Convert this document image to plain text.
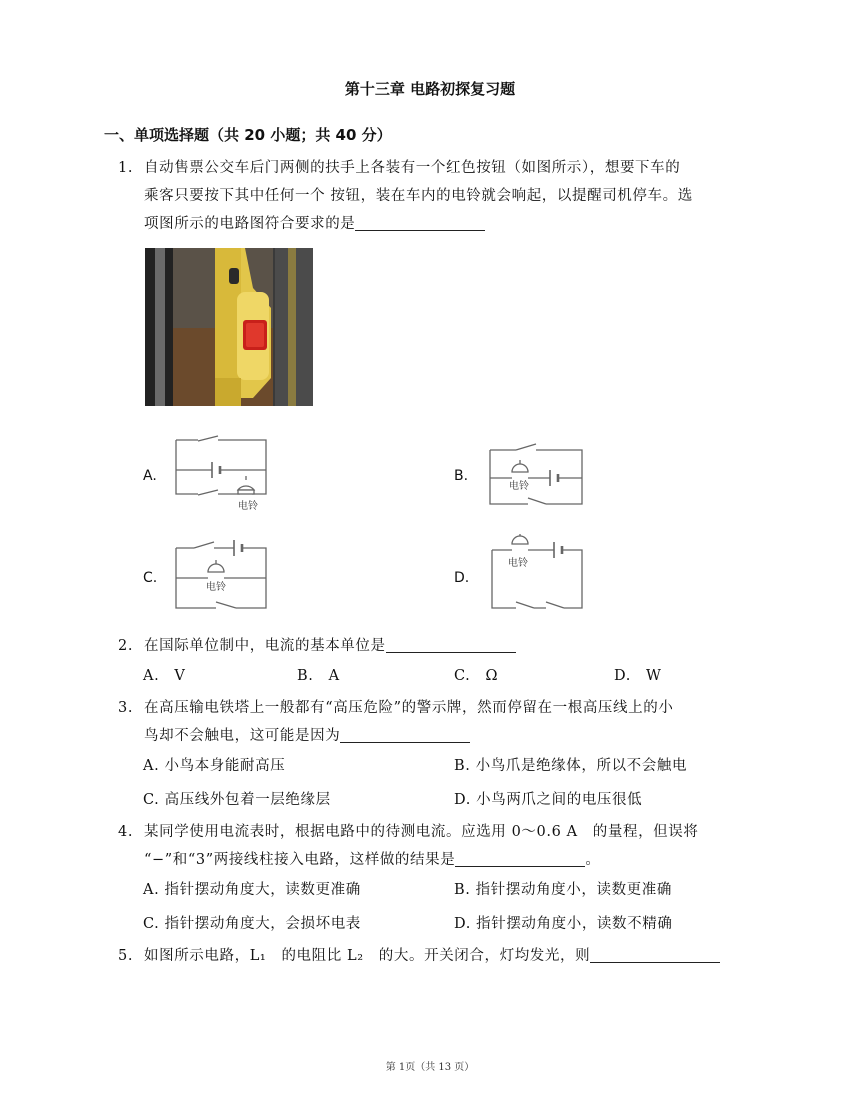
第十三章 电路初探复习题
一、单项选择题（共 20 小题；共 40 分）
1. 自动售票公交车后门两侧的扶手上各装有一个红色按钮（如图所示），想要下车的
乘客只要按下其中任何一个 按钮，装在车内的电铃就会响起，以提醒司机停车。选
项图所示的电路图符合要求的是
A.	B.
C.	D.
电铃
电铃
电铃
电铃
2. 在国际单位制中，电流的基本单位是
A.　V	B.　A	C.　Ω	D.　W
3. 在高压输电铁塔上一般都有“高压危险”的警示牌，然而停留在一根高压线上的小
鸟却不会触电，这可能是因为
A. 小鸟本身能耐高压	B. 小鸟爪是绝缘体，所以不会触电
C. 高压线外包着一层绝缘层	D. 小鸟两爪之间的电压很低
4. 某同学使用电流表时，根据电路中的待测电流。应选用 0～0.6 A　的量程，但误将
“−”和“3”两接线柱接入电路，这样做的结果是	。
A. 指针摆动角度大，读数更准确	B. 指针摆动角度小，读数更准确
C. 指针摆动角度大，会损坏电表	D. 指针摆动角度小，读数不精确
5. 如图所示电路，L₁　的电阻比 L₂　的大。开关闭合，灯均发光，则
第 1页（共 13 页）
